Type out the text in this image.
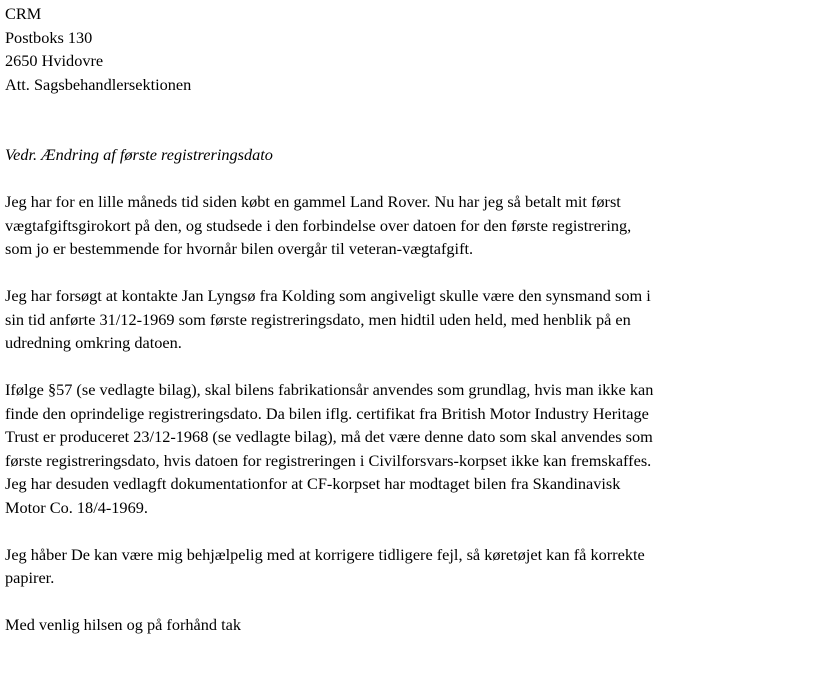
CRM
Postboks 130
2650 Hvidovre
Att. Sagsbehandlersektionen
Vedr. Ændring af første registreringsdato

Jeg har for en lille måneds tid siden købt en gammel Land Rover. Nu har jeg så betalt mit først
vægtafgiftsgirokort på den, og studsede i den forbindelse over datoen for den første registrering,
som jo er bestemmende for hvornår bilen overgår til veteran-vægtafgift.

Jeg har forsøgt at kontakte Jan Lyngsø fra Kolding som angiveligt skulle være den synsmand som i
sin tid anførte 31/12-1969 som første registreringsdato, men hidtil uden held, med henblik på en
udredning omkring datoen.

Ifølge §57 (se vedlagte bilag), skal bilens fabrikationsår anvendes som grundlag, hvis man ikke kan
finde den oprindelige registreringsdato. Da bilen iflg. certifikat fra British Motor Industry Heritage
Trust er produceret 23/12-1968 (se vedlagte bilag), må det være denne dato som skal anvendes som
første registreringsdato, hvis datoen for registreringen i Civilforsvars-korpset ikke kan fremskaffes.
Jeg har desuden vedlagft dokumentationfor at CF-korpset har modtaget bilen fra Skandinavisk
Motor Co. 18/4-1969.

Jeg håber De kan være mig behjælpelig med at korrigere tidligere fejl, så køretøjet kan få korrekte
papirer.

Med venlig hilsen og på forhånd tak
